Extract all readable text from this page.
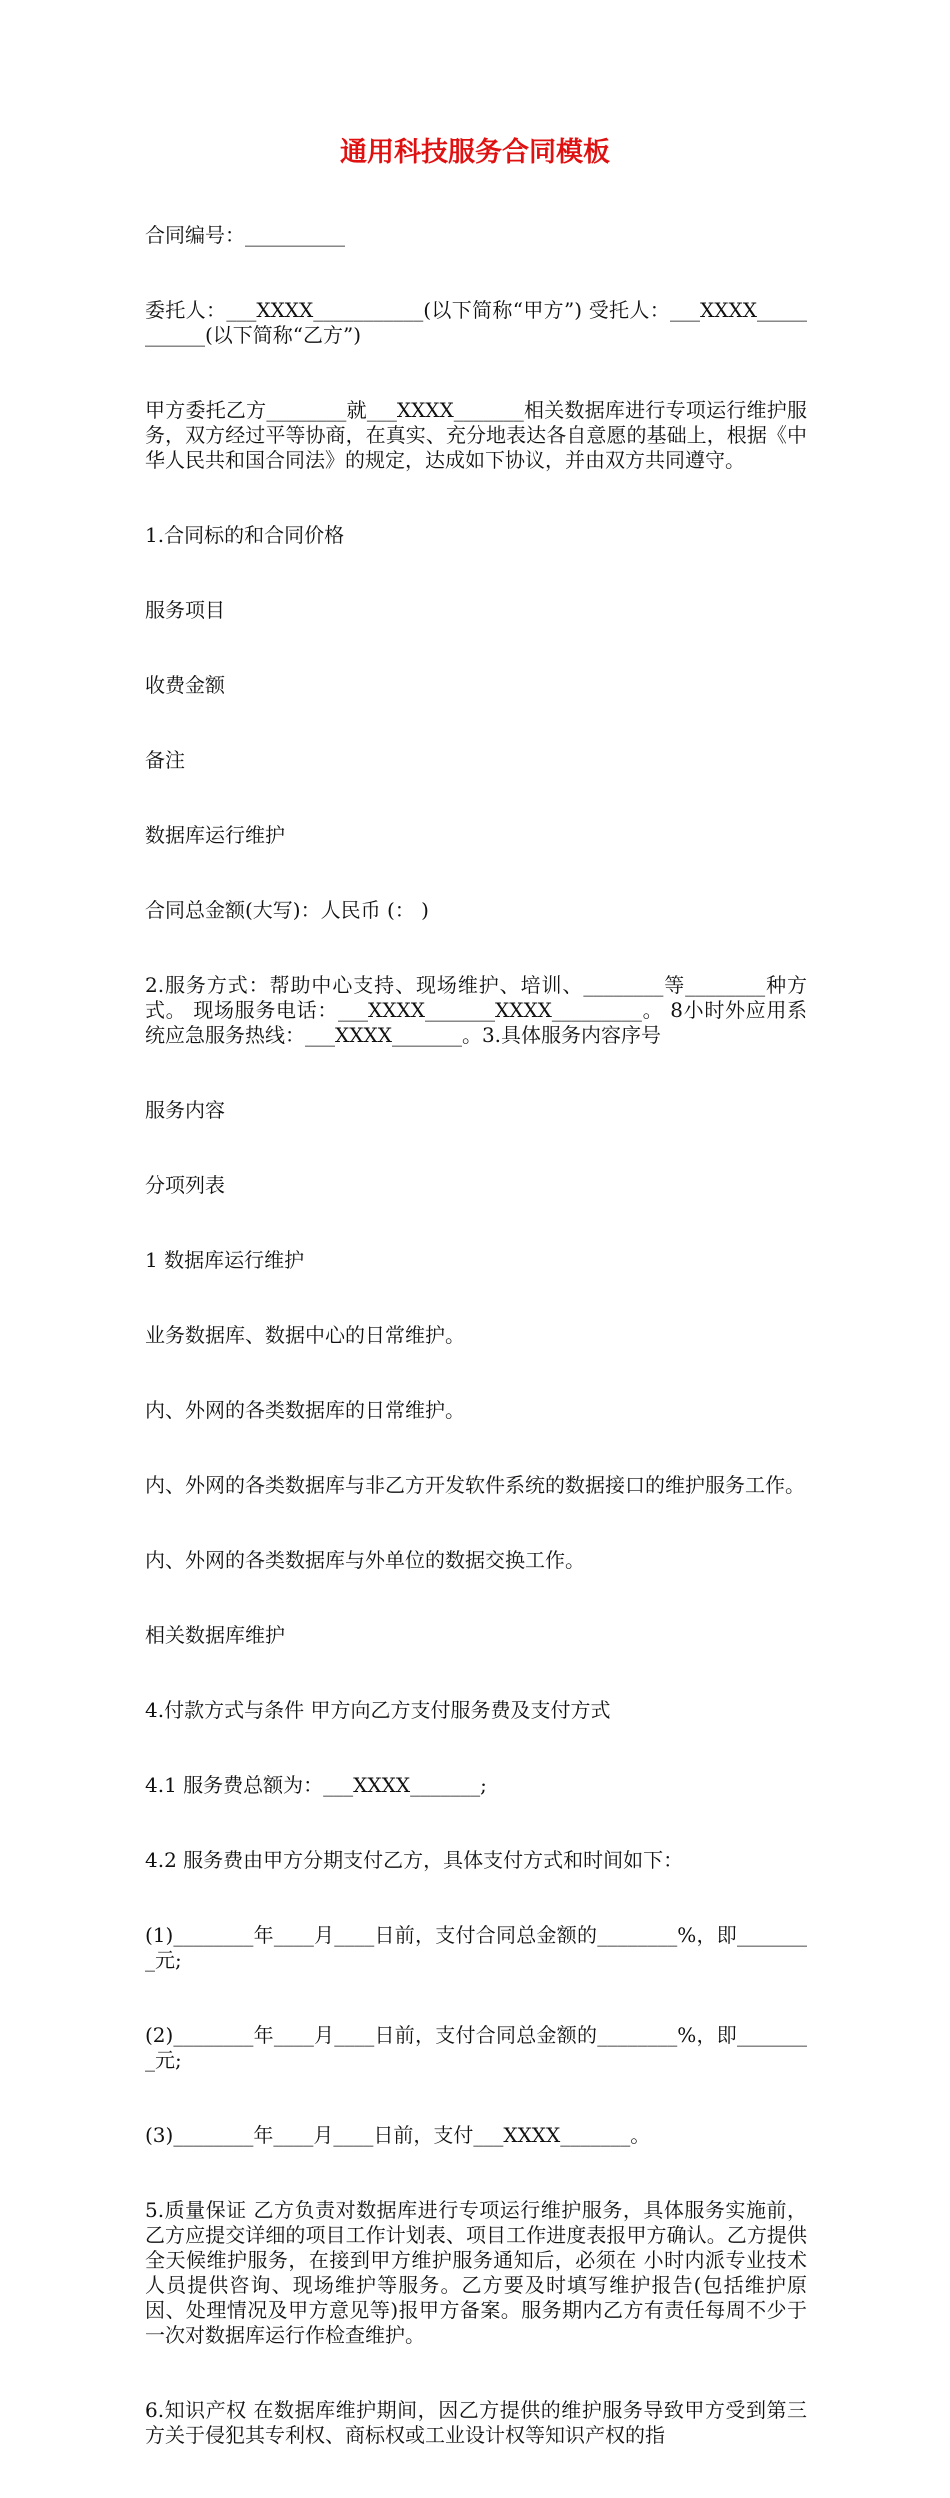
通用科技服务合同模板

合同编号：__________

委托人：___XXXX___________(以下简称“甲方”) 受托人：___XXXX___________(以下简称“乙方”)

甲方委托乙方________就___XXXX_______相关数据库进行专项运行维护服务，双方经过平等协商，在真实、充分地表达各自意愿的基础上，根据《中华人民共和国合同法》的规定，达成如下协议，并由双方共同遵守。

1.合同标的和合同价格

服务项目

收费金额

备注

数据库运行维护

合同总金额(大写)：人民币 (： )

2.服务方式：帮助中心支持、现场维护、培训、________等________种方式。 现场服务电话：___XXXX_______XXXX_________。 8小时外应用系统应急服务热线：___XXXX_______。3.具体服务内容序号

服务内容

分项列表

1 数据库运行维护

业务数据库、数据中心的日常维护。

内、外网的各类数据库的日常维护。

内、外网的各类数据库与非乙方开发软件系统的数据接口的维护服务工作。

内、外网的各类数据库与外单位的数据交换工作。

相关数据库维护

4.付款方式与条件 甲方向乙方支付服务费及支付方式

4.1 服务费总额为：___XXXX_______;

4.2 服务费由甲方分期支付乙方，具体支付方式和时间如下：

(1)________年____月____日前，支付合同总金额的________%，即________元;

(2)________年____月____日前，支付合同总金额的________%，即________元;

(3)________年____月____日前，支付___XXXX_______。

5.质量保证 乙方负责对数据库进行专项运行维护服务，具体服务实施前，乙方应提交详细的项目工作计划表、项目工作进度表报甲方确认。乙方提供全天候维护服务，在接到甲方维护服务通知后，必须在 小时内派专业技术人员提供咨询、现场维护等服务。乙方要及时填写维护报告(包括维护原因、处理情况及甲方意见等)报甲方备案。服务期内乙方有责任每周不少于一次对数据库运行作检查维护。

6.知识产权 在数据库维护期间，因乙方提供的维护服务导致甲方受到第三方关于侵犯其专利权、商标权或工业设计权等知识产权的指
